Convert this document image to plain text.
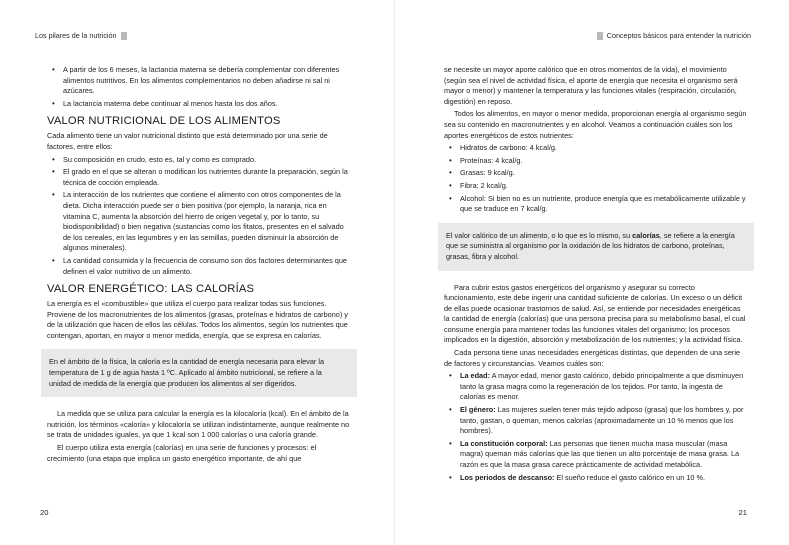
Los pilares de la nutrición
• A partir de los 6 meses, la lactancia materna se debería complementar con diferentes alimentos nutritivos. En los alimentos complementarios no deben añadirse ni sal ni azúcares.
• La lactancia materna debe continuar al menos hasta los dos años.
VALOR NUTRICIONAL DE LOS ALIMENTOS

Cada alimento tiene un valor nutricional distinto que está determinado por una serie de factores, entre ellos:

• Su composición en crudo, esto es, tal y como es comprado.
• El grado en el que se alteran o modifican los nutrientes durante la preparación, según la técnica de cocción empleada.
• La interacción de los nutrientes que contiene el alimento con otros componentes de la dieta. Dicha interacción puede ser o bien positiva (por ejemplo, la naranja, rica en vitamina C, aumenta la absorción del hierro de origen vegetal y, por lo tanto, su biodisponibilidad) o bien negativa (sustancias como los fitatos, presentes en el salvado de los cereales, en las legumbres y en las semillas, pueden disminuir la absorción de algunos minerales).
• La cantidad consumida y la frecuencia de consumo son dos factores determinantes que definen el valor nutritivo de un alimento.
VALOR ENERGÉTICO: LAS CALORÍAS

La energía es el «combustible» que utiliza el cuerpo para realizar todas sus funciones. Proviene de los macronutrientes de los alimentos (grasas, proteínas e hidratos de carbono) y de la utilización que hacen de ellos las células. Todos los alimentos, según los nutrientes que contengan, aportan, en mayor o menor medida, energía, que se expresa en calorías.

En el ámbito de la física, la caloría es la cantidad de energía necesaria para elevar la temperatura de 1 g de agua hasta 1 ºC. Aplicado al ámbito nutricional, se refiere a la unidad de medida de la energía que producen los alimentos al ser digeridos.

La medida que se utiliza para calcular la energía es la kilocaloría (kcal). En el ámbito de la nutrición, los términos «caloría» y kilocaloría se utilizan indistintamente, aunque realmente no se trata de unidades iguales, ya que 1 kcal son 1 000 calorías o una caloría grande.

El cuerpo utiliza esta energía (calorías) en una serie de funciones y procesos: el crecimiento (una etapa que implica un gasto energético importante, de ahí que

20
Conceptos básicos para entender la nutrición

se necesite un mayor aporte calórico que en otros momentos de la vida), el movimiento (según sea el nivel de actividad física, el aporte de energía que necesita el organismo será mayor o menor) y mantener la temperatura y las funciones vitales (respiración, circulación, digestión) en reposo.

Todos los alimentos, en mayor o menor medida, proporcionan energía al organismo según sea su contenido en macronutrientes y en alcohol. Veamos a continuación cuáles son los aportes energéticos de estos nutrientes:

• Hidratos de carbono: 4 kcal/g.
• Proteínas: 4 kcal/g.
• Grasas: 9 kcal/g.
• Fibra: 2 kcal/g.
• Alcohol: Si bien no es un nutriente, produce energía que es metabólicamente utilizable y que se traduce en 7 kcal/g.

El valor calórico de un alimento, o lo que es lo mismo, su calorías, se refiere a la energía que se suministra al organismo por la oxidación de los hidratos de carbono, proteínas, grasas, fibra y alcohol.

Para cubrir estos gastos energéticos del organismo y asegurar su correcto funcionamiento, este debe ingerir una cantidad suficiente de calorías. Un exceso o un déficit de ellas puede ocasionar trastornos de salud. Así, se entiende por necesidades energéticas la cantidad de energía (calorías) que una persona precisa para su metabolismo basal, el cual consume energía para mantener todas las funciones vitales del organismo; los procesos implicados en la digestión, absorción y metabolización de los nutrientes; y la actividad física.

Cada persona tiene unas necesidades energéticas distintas, que dependen de una serie de factores y circunstancias. Veamos cuáles son:

• La edad: A mayor edad, menor gasto calórico, debido principalmente a que disminuyen tanto la grasa magra como la regeneración de los tejidos. Por tanto, la ingesta de calorías es menor.
• El género: Las mujeres suelen tener más tejido adiposo (grasa) que los hombres y, por tanto, gastan, o queman, menos calorías (aproximadamente un 10 % menos que los hombres).
• La constitución corporal: Las personas que tienen mucha masa muscular (masa magra) queman más calorías que las que tienen un alto porcentaje de masa grasa. La razón es que la masa grasa carece prácticamente de actividad metabólica.
• Los periodos de descanso: El sueño reduce el gasto calórico en un 10 %.
21
